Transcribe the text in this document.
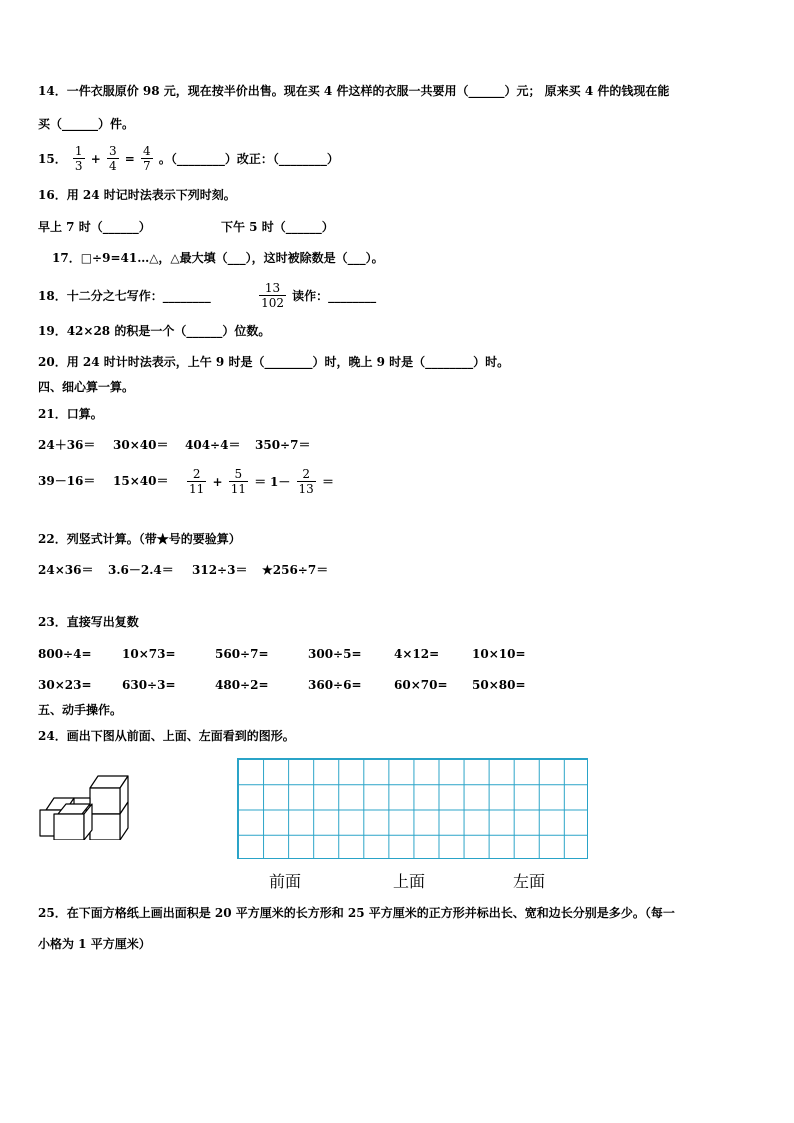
14．一件衣服原价 98 元，现在按半价出售。现在买 4 件这样的衣服一共要用（______）元； 原来买 4 件的钱现在能
买（______）件。
15． $\frac{1}{3} + \frac{3}{4} = \frac{4}{7}$ 。（________）改正：（________）
16．用 24 时记时法表示下列时刻。
早上 7 时（______）	下午 5 时（______）
17．□÷9=41…△，△最大填（___），这时被除数是（___）。
18．十二分之七写作：________	$\frac{13}{102}$ 读作：________
19．42×28 的积是一个（______）位数。
20．用 24 时计时法表示，上午 9 时是（________）时，晚上 9 时是（________）时。
四、细心算一算。
21．口算。
24＋36＝ 30×40＝ 404÷4＝ 350÷7＝
$39-16= 15\times 40= \frac{2}{11} + \frac{5}{11} = 1- \frac{2}{13}$ ＝
22．列竖式计算。（带★号的要验算）
24×36＝ 3.6－2.4＝ 312÷3＝ ★256÷7＝
23．直接写出复数
800÷4=	10×73=	560÷7=	300÷5=	4×12=	10×10=
30×23=	630÷3=	480÷2=	360÷6=	60×70= 50×80=
五、动手操作。
24．画出下图从前面、上面、左面看到的图形。
前面	上面	左面
25．在下面方格纸上画出面积是 20 平方厘米的长方形和 25 平方厘米的正方形并标出长、宽和边长分别是多少。（每一
小格为 1 平方厘米）
